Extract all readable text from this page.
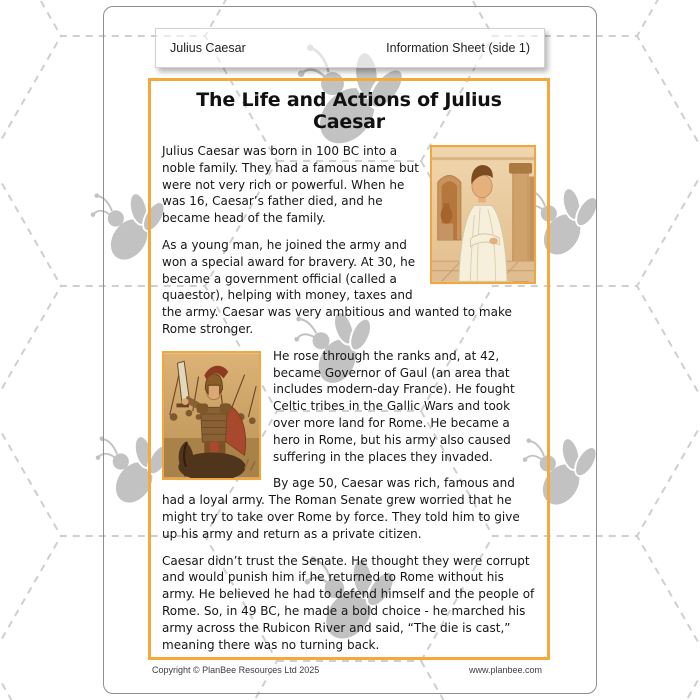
Julius Caesar	Information Sheet (side 1)
The Life and Actions of Julius Caesar

Julius Caesar was born in 100 BC into a noble family. They had a famous name but were not very rich or powerful. When he was 16, Caesar’s father died, and he became head of the family.

As a young man, he joined the army and won a special award for bravery. At 30, he became a government official (called a quaestor), helping with money, taxes and the army. Caesar was very ambitious and wanted to make Rome stronger.

He rose through the ranks and, at 42, became Governor of Gaul (an area that includes modern-day France). He fought Celtic tribes in the Gallic Wars and took over more land for Rome. He became a hero in Rome, but his army also caused suffering in the places they invaded.

By age 50, Caesar was rich, famous and had a loyal army. The Roman Senate grew worried that he might try to take over Rome by force. They told him to give up his army and return as a private citizen.

Caesar didn’t trust the Senate. He thought they were corrupt and would punish him if he returned to Rome without his army. He believed he had to defend himself and the people of Rome. So, in 49 BC, he made a bold choice - he marched his army across the Rubicon River and said, “The die is cast,” meaning there was no turning back.

Copyright © PlanBee Resources Ltd 2025	www.planbee.com
